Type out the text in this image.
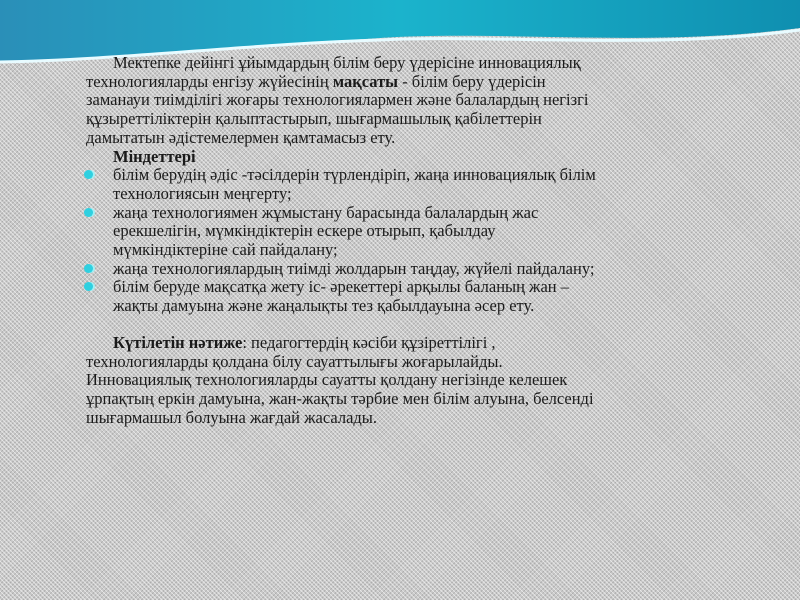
Мектепке дейінгі ұйымдардың білім беру үдерісіне инновациялық
технологияларды енгізу жүйесінің мақсаты - білім беру үдерісін
заманауи тиімділігі жоғары технологиялармен және балалардың негізгі
құзыреттіліктерін қалыптастырып, шығармашылық қабілеттерін
дамытатын әдістемелермен қамтамасыз ету.
Міндеттері
білім берудің әдіс -тәсілдерін түрлендіріп, жаңа инновациялық білім
технологиясын меңгерту;
жаңа технологиямен жұмыстану барасында балалардың жас
ерекшелігін, мүмкіндіктерін ескере отырып, қабылдау
мүмкіндіктеріне сай пайдалану;
жаңа технологиялардың тиімді жолдарын таңдау, жүйелі пайдалану;
білім беруде мақсатқа жету іс- әрекеттері арқылы баланың жан –
жақты дамуына және жаңалықты тез қабылдауына әсер ету.
Күтілетін нәтиже: педагогтердің кәсіби құзіреттілігі ,
технологияларды қолдана білу сауаттылығы жоғарылайды.
Инновациялық технологияларды сауатты қолдану негізінде келешек
ұрпақтың еркін дамуына, жан-жақты тәрбие мен білім алуына, белсенді
шығармашыл болуына жағдай жасалады.
